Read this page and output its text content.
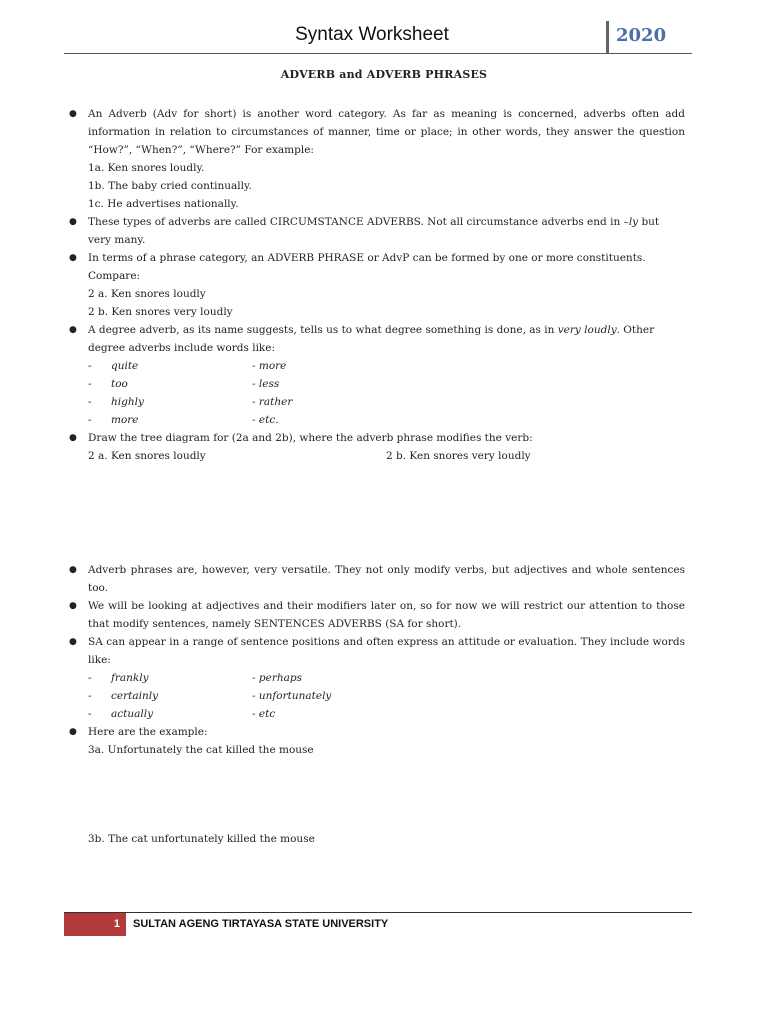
Syntax Worksheet	2020
ADVERB and ADVERB PHRASES
● An Adverb (Adv for short) is another word category. As far as meaning is concerned, adverbs often add information in relation to circumstances of manner, time or place; in other words, they answer the question “How?”, “When?”, “Where?” For example:
1a. Ken snores loudly.
1b. The baby cried continually.
1c. He advertises nationally.
● These types of adverbs are called CIRCUMSTANCE ADVERBS. Not all circumstance adverbs end in –ly but very many.
● In terms of a phrase category, an ADVERB PHRASE or AdvP can be formed by one or more constituents.
Compare:
2 a. Ken snores loudly
2 b. Ken snores very loudly
● A degree adverb, as its name suggests, tells us to what degree something is done, as in very loudly. Other degree adverbs include words like:
- quite	- more
- too	- less
- highly	- rather
- more	- etc.
● Draw the tree diagram for (2a and 2b), where the adverb phrase modifies the verb:
2 a. Ken snores loudly	2 b. Ken snores very loudly
● Adverb phrases are, however, very versatile. They not only modify verbs, but adjectives and whole sentences too.
● We will be looking at adjectives and their modifiers later on, so for now we will restrict our attention to those that modify sentences, namely SENTENCES ADVERBS (SA for short).
● SA can appear in a range of sentence positions and often express an attitude or evaluation. They include words like:
- frankly	- perhaps
- certainly	- unfortunately
- actually	- etc
● Here are the example:
3a. Unfortunately the cat killed the mouse
3b. The cat unfortunately killed the mouse
1	SULTAN AGENG TIRTAYASA STATE UNIVERSITY
